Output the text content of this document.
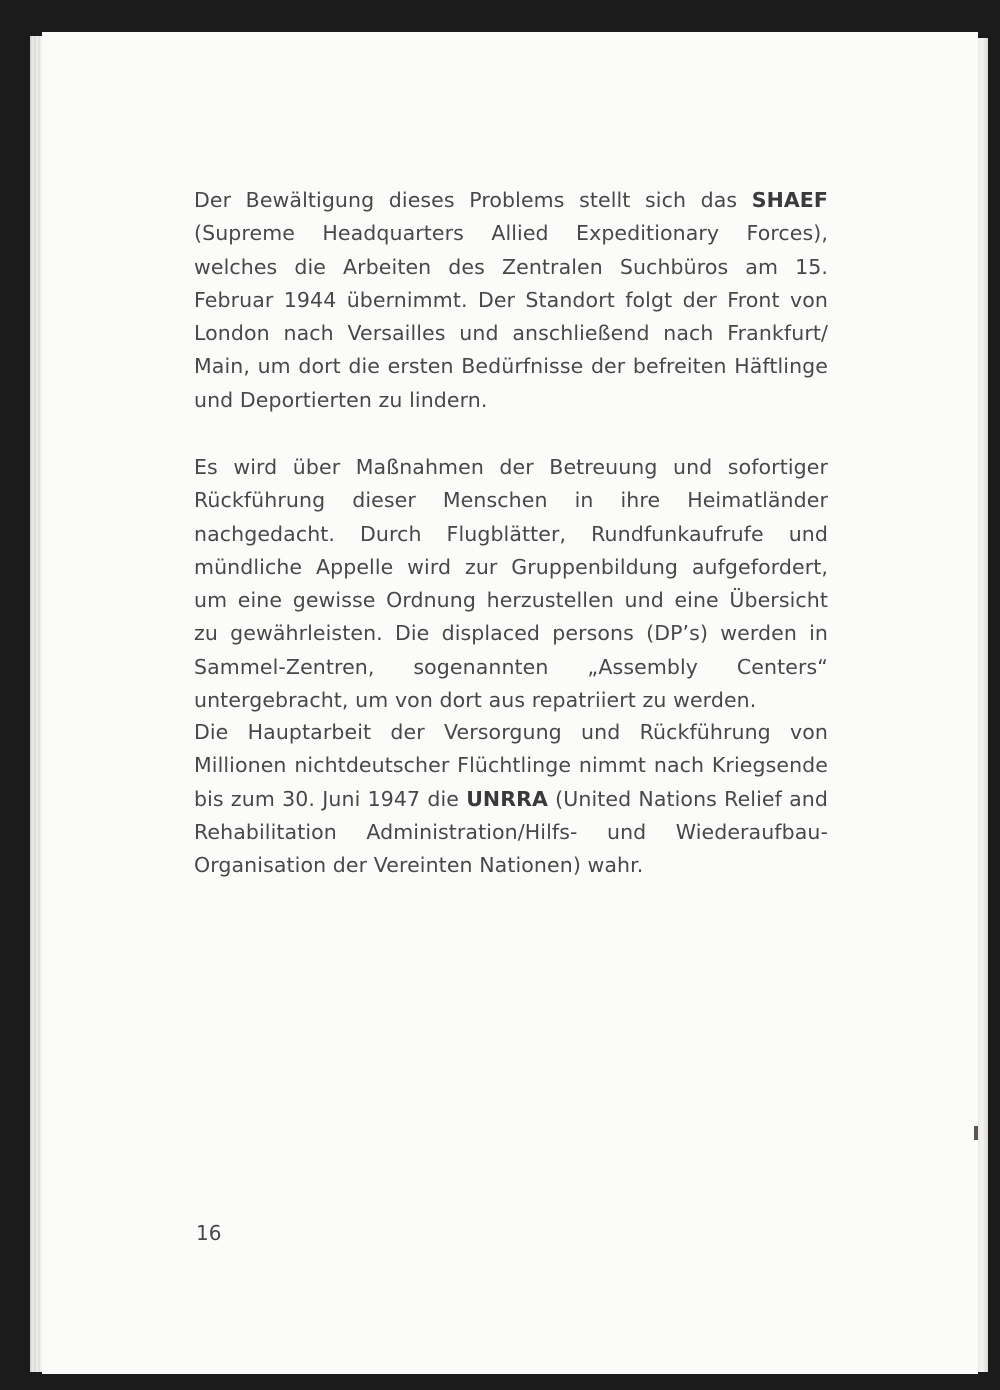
Der Bewältigung dieses Problems stellt sich das SHAEF (Supreme Headquarters Allied Expeditionary Forces), welches die Arbeiten des Zentralen Suchbüros am 15. Februar 1944 übernimmt. Der Standort folgt der Front von London nach Versailles und anschließend nach Frankfurt/ Main, um dort die ersten Bedürfnisse der befreiten Häftlinge und Deportierten zu lindern.

Es wird über Maßnahmen der Betreuung und sofortiger Rückführung dieser Menschen in ihre Heimatländer nachgedacht. Durch Flugblätter, Rundfunkaufrufe und mündliche Appelle wird zur Gruppenbildung aufgefordert, um eine gewisse Ordnung herzustellen und eine Übersicht zu gewährleisten. Die displaced persons (DP’s) werden in Sammel-Zentren, sogenannten „Assembly Centers“ untergebracht, um von dort aus repatriiert zu werden.

Die Hauptarbeit der Versorgung und Rückführung von Millionen nichtdeutscher Flüchtlinge nimmt nach Kriegsende bis zum 30. Juni 1947 die UNRRA (United Nations Relief and Rehabilitation Administration/Hilfs- und Wiederaufbau-Organisation der Vereinten Nationen) wahr.

16
